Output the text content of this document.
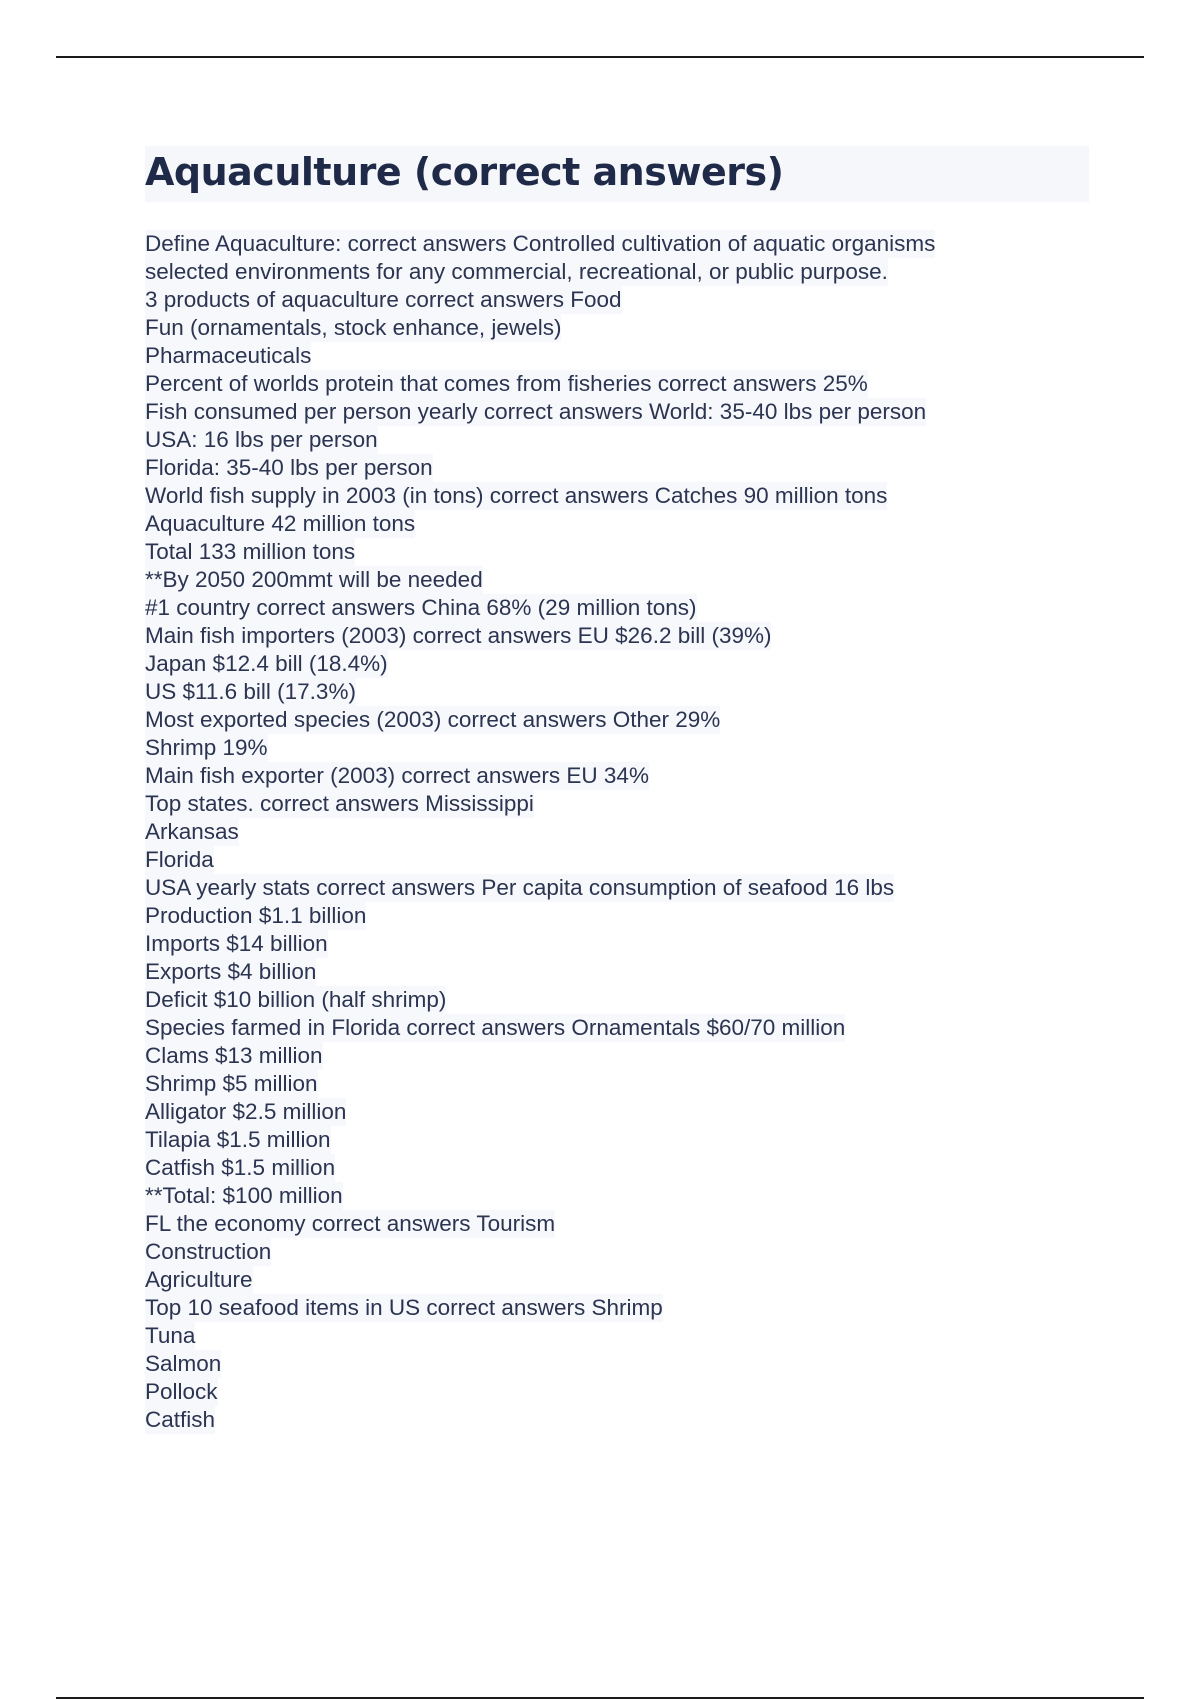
Aquaculture (correct answers)
Define Aquaculture: correct answers Controlled cultivation of aquatic organisms
selected environments for any commercial, recreational, or public purpose.
3 products of aquaculture correct answers Food
Fun (ornamentals, stock enhance, jewels)
Pharmaceuticals
Percent of worlds protein that comes from fisheries correct answers 25%
Fish consumed per person yearly correct answers World: 35-40 lbs per person
USA: 16 lbs per person
Florida: 35-40 lbs per person
World fish supply in 2003 (in tons) correct answers Catches 90 million tons
Aquaculture 42 million tons
Total 133 million tons
**By 2050 200mmt will be needed
#1 country correct answers China 68% (29 million tons)
Main fish importers (2003) correct answers EU $26.2 bill (39%)
Japan $12.4 bill (18.4%)
US $11.6 bill (17.3%)
Most exported species (2003) correct answers Other 29%
Shrimp 19%
Main fish exporter (2003) correct answers EU 34%
Top states. correct answers Mississippi
Arkansas
Florida
USA yearly stats correct answers Per capita consumption of seafood 16 lbs
Production $1.1 billion
Imports $14 billion
Exports $4 billion
Deficit $10 billion (half shrimp)
Species farmed in Florida correct answers Ornamentals $60/70 million
Clams $13 million
Shrimp $5 million
Alligator $2.5 million
Tilapia $1.5 million
Catfish $1.5 million
**Total: $100 million
FL the economy correct answers Tourism
Construction
Agriculture
Top 10 seafood items in US correct answers Shrimp
Tuna
Salmon
Pollock
Catfish
